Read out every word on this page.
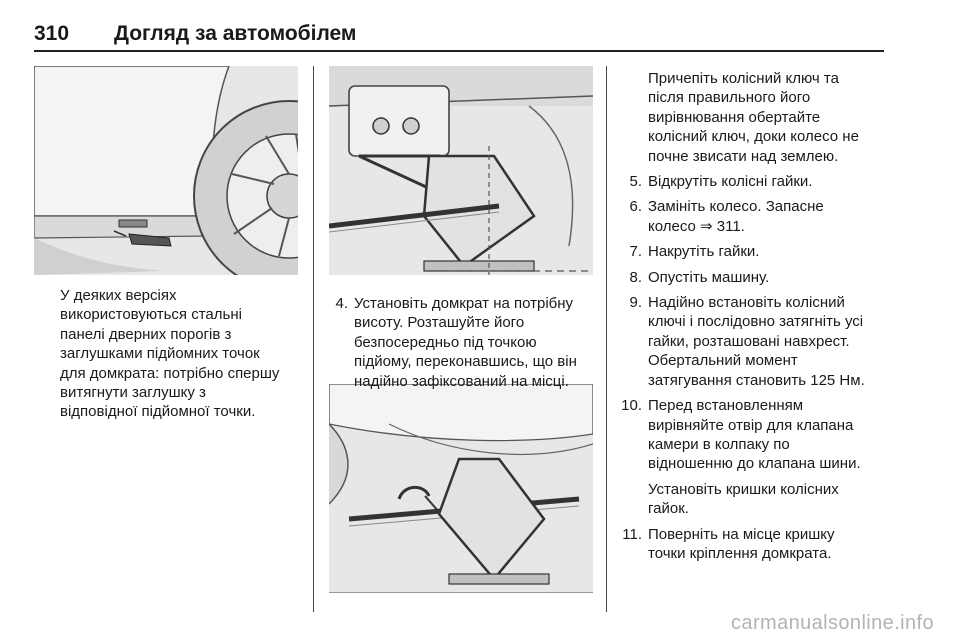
310 Догляд за автомобілем
У деяких версіях
використовуються стальні
панелі дверних порогів з
заглушками підйомних точок
для домкрата: потрібно спершу
витягнути заглушку з
відповідної підйомної точки.
4. Установіть домкрат на потрібну
висоту. Розташуйте його
безпосередньо під точкою
підйому, переконавшись, що він
надійно зафіксований на місці.
Причепіть колісний ключ та
після правильного його
вирівнювання обертайте
колісний ключ, доки колесо не
почне звисати над землею.
5. Відкрутіть колісні гайки.
6. Замініть колесо. Запасне
колесо ⇒ 311.
7. Накрутіть гайки.
8. Опустіть машину.
9. Надійно встановіть колісний
ключі і послідовно затягніть усі
гайки, розташовані навхрест.
Обертальний момент
затягування становить 125 Нм.
10. Перед встановленням
вирівняйте отвір для клапана
камери в колпаку по
відношенню до клапана шини.
Установіть кришки колісних
гайок.
11. Поверніть на місце кришку
точки кріплення домкрата.
carmanualsonline.info
